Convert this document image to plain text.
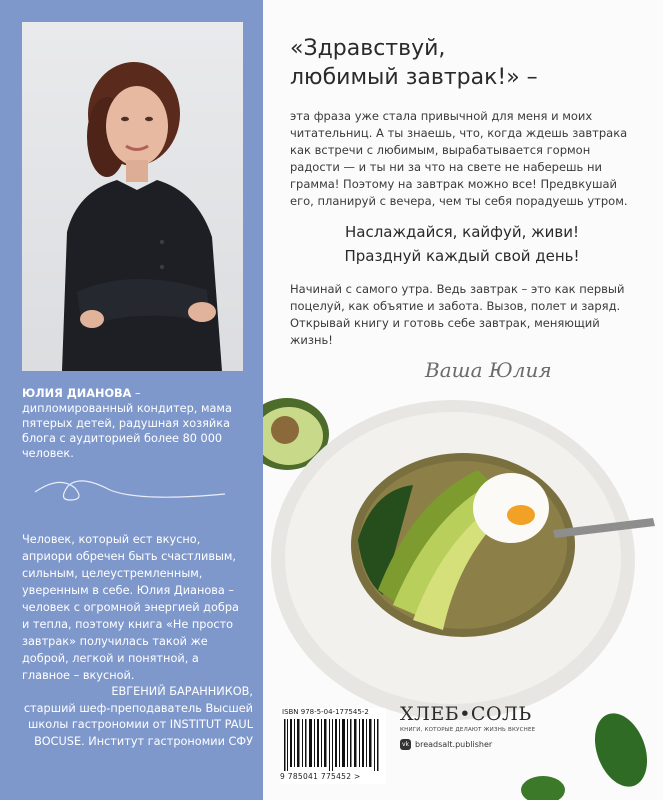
ЮЛИЯ ДИАНОВА – дипломированный кондитер, мама пятерых детей, радушная хозяйка блога с аудиторией более 80 000 человек.

Человек, который ест вкусно, априори обречен быть счастливым, сильным, целеустремленным, уверенным в себе. Юлия Дианова – человек с огромной энергией добра и тепла, поэтому книга «Не просто завтрак» получилась такой же доброй, легкой и понятной, а главное – вкусной.

ЕВГЕНИЙ БАРАННИКОВ,
старший шеф-преподаватель Высшей школы гастрономии от INSTITUT PAUL BOCUSE. Институт гастрономии СФУ
«Здравствуй,
любимый завтрак!» –

эта фраза уже стала привычной для меня и моих читательниц. А ты знаешь, что, когда ждешь завтрака как встречи с любимым, вырабатывается гормон радости — и ты ни за что на свете не наберешь ни грамма! Поэтому на завтрак можно все! Предвкушай его, планируй с вечера, чем ты себя порадуешь утром.

Наслаждайся, кайфуй, живи!
Празднуй каждый свой день!

Начинай с самого утра. Ведь завтрак – это как первый поцелуй, как объятие и забота. Вызов, полет и заряд. Открывай книгу и готовь себе завтрак, меняющий жизнь!

Ваша Юлия
ISBN 978-5-04-177545-2
9 785041 775452 >
ХЛЕБ•СОЛЬ
КНИГИ, КОТОРЫЕ ДЕЛАЮТ ЖИЗНЬ ВКУСНЕЕ
vk breadsalt.publisher
